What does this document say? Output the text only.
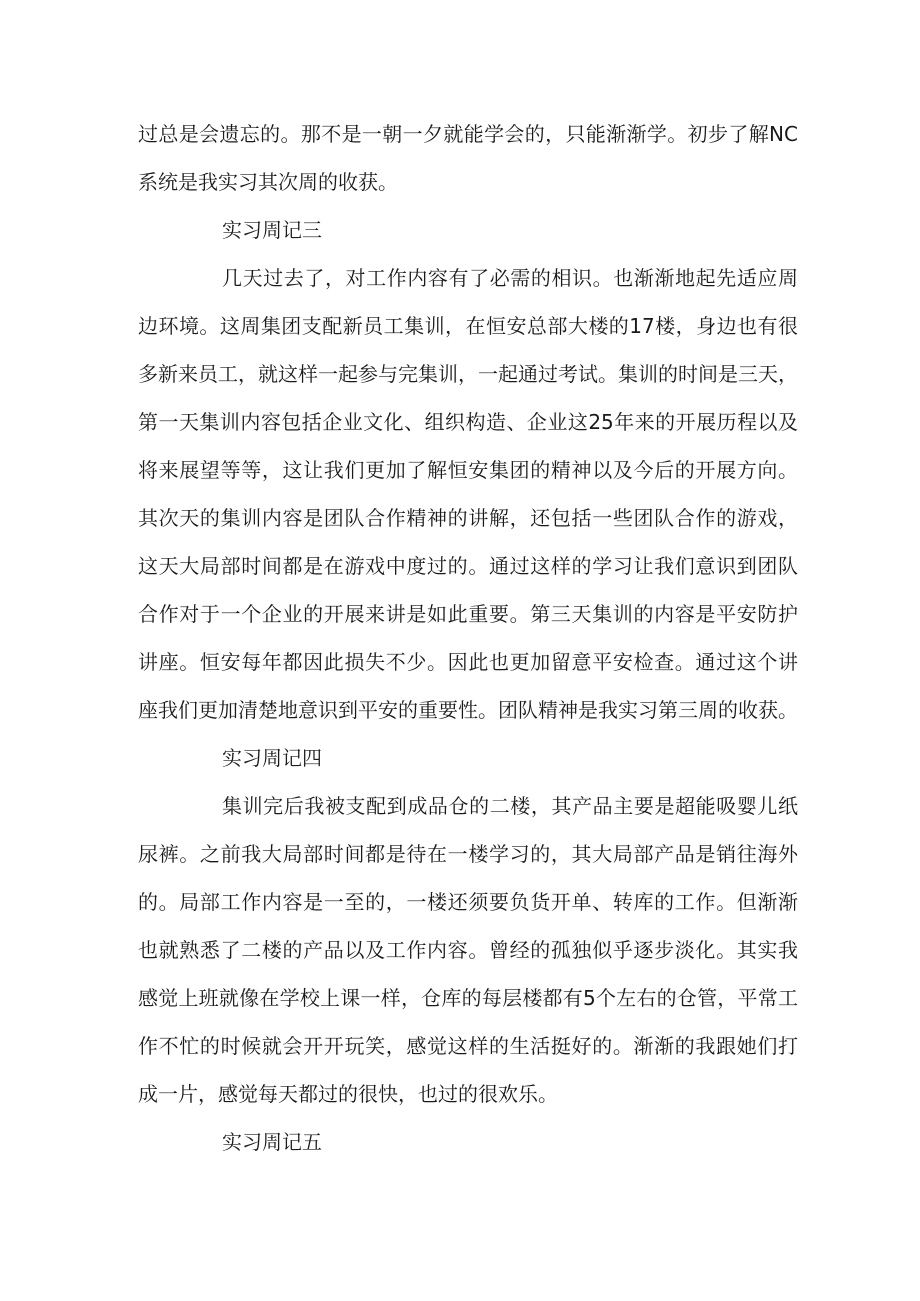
过总是会遗忘的。那不是一朝一夕就能学会的，只能渐渐学。初步了解NC
系统是我实习其次周的收获。
实习周记三
几天过去了，对工作内容有了必需的相识。也渐渐地起先适应周
边环境。这周集团支配新员工集训，在恒安总部大楼的17楼，身边也有很
多新来员工，就这样一起参与完集训，一起通过考试。集训的时间是三天，
第一天集训内容包括企业文化、组织构造、企业这25年来的开展历程以及
将来展望等等，这让我们更加了解恒安集团的精神以及今后的开展方向。
其次天的集训内容是团队合作精神的讲解，还包括一些团队合作的游戏，
这天大局部时间都是在游戏中度过的。通过这样的学习让我们意识到团队
合作对于一个企业的开展来讲是如此重要。第三天集训的内容是平安防护
讲座。恒安每年都因此损失不少。因此也更加留意平安检查。通过这个讲
座我们更加清楚地意识到平安的重要性。团队精神是我实习第三周的收获。
实习周记四
集训完后我被支配到成品仓的二楼，其产品主要是超能吸婴儿纸
尿裤。之前我大局部时间都是待在一楼学习的，其大局部产品是销往海外
的。局部工作内容是一至的，一楼还须要负货开单、转库的工作。但渐渐
也就熟悉了二楼的产品以及工作内容。曾经的孤独似乎逐步淡化。其实我
感觉上班就像在学校上课一样，仓库的每层楼都有5个左右的仓管，平常工
作不忙的时候就会开开玩笑，感觉这样的生活挺好的。渐渐的我跟她们打
成一片，感觉每天都过的很快，也过的很欢乐。
实习周记五
